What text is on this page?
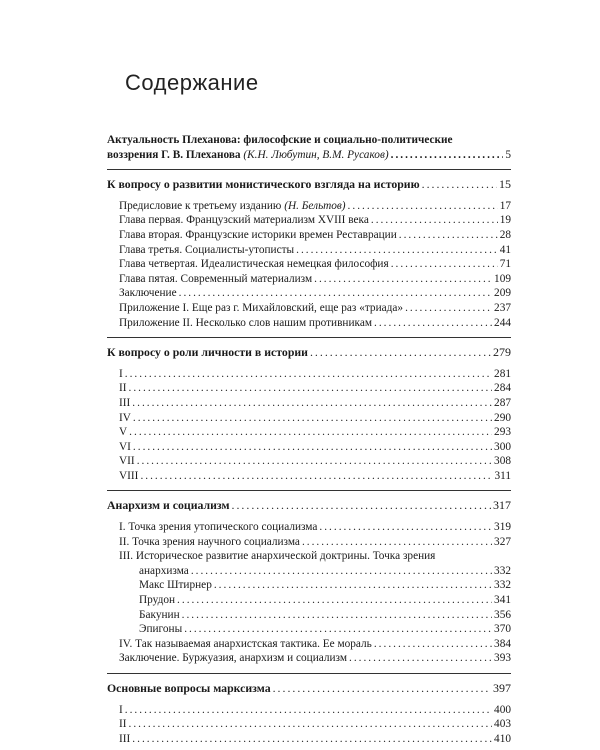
Содержание
Актуальность Плеханова: философские и социально-политические
воззрения Г. В. Плеханова (К.Н. Любутин, В.М. Русаков) .....	5
К вопросу о развитии монистического взгляда на историю .....	15
Предисловие к третьему изданию (Н. Бельтов) .....	17
Глава первая. Французский материализм XVIII века .....	19
Глава вторая. Французские историки времен Реставрации .....	28
Глава третья. Социалисты-утописты .....	41
Глава четвертая. Идеалистическая немецкая философия .....	71
Глава пятая. Современный материализм .....	109
Заключение .....	209
Приложение I. Еще раз г. Михайловский, еще раз «триада» .....	237
Приложение II. Несколько слов нашим противникам .....	244
К вопросу о роли личности в истории .....	279
I .....	281
II .....	284
III .....	287
IV .....	290
V .....	293
VI .....	300
VII .....	308
VIII .....	311
Анархизм и социализм .....	317
I. Точка зрения утопического социализма .....	319
II. Точка зрения научного социализма .....	327
III. Историческое развитие анархической доктрины. Точка зрения
анархизма .....	332
Макс Штирнер .....	332
Прудон .....	341
Бакунин .....	356
Эпигоны .....	370
IV. Так называемая анархистская тактика. Ее мораль .....	384
Заключение. Буржуазия, анархизм и социализм .....	393
Основные вопросы марксизма .....	397
I .....	400
II .....	403
III .....	410
